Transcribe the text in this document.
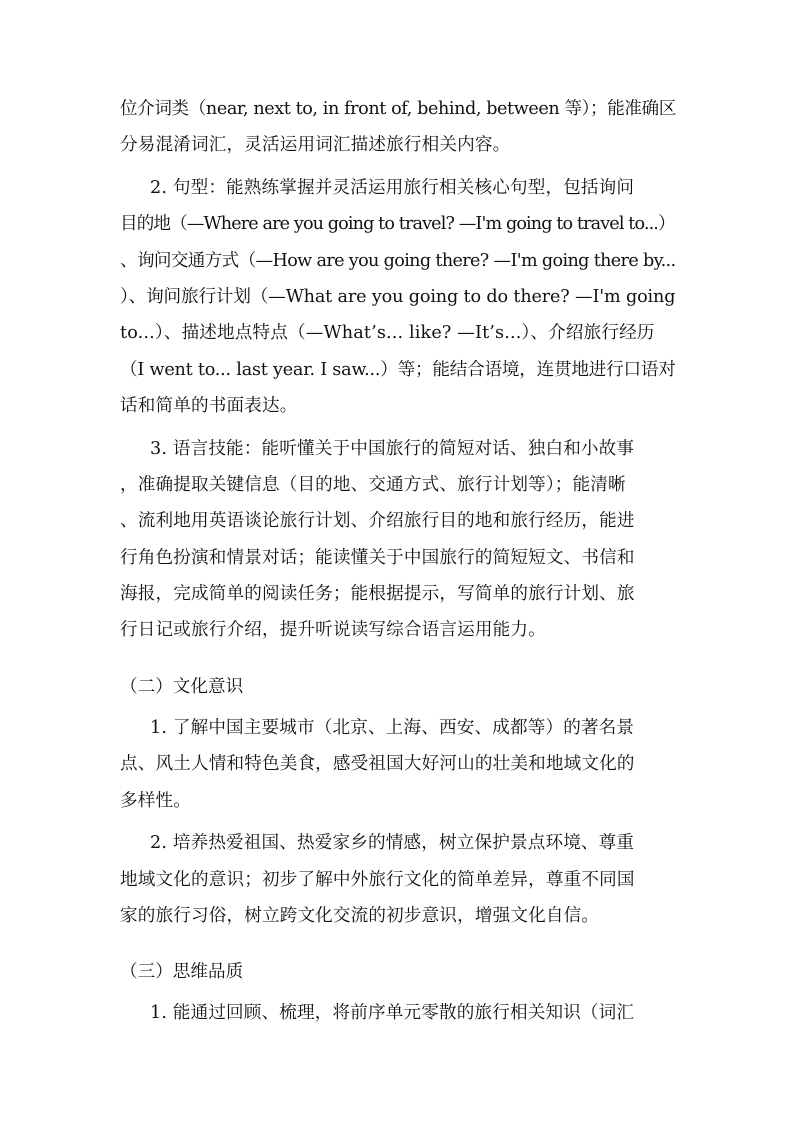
位介词类（near, next to, in front of, behind, between 等）；能准确区
分易混淆词汇，灵活运用词汇描述旅行相关内容。
2. 句型：能熟练掌握并灵活运用旅行相关核心句型，包括询问
目的地（—Where are you going to travel? —I'm going to travel to...）
、询问交通方式（—How are you going there? —I'm going there by...
）、询问旅行计划（—What are you going to do there? —I'm going
to...）、描述地点特点（—What’s... like? —It’s...）、介绍旅行经历
（I went to... last year. I saw...）等；能结合语境，连贯地进行口语对
话和简单的书面表达。
3. 语言技能：能听懂关于中国旅行的简短对话、独白和小故事
，准确提取关键信息（目的地、交通方式、旅行计划等）；能清晰
、流利地用英语谈论旅行计划、介绍旅行目的地和旅行经历，能进
行角色扮演和情景对话；能读懂关于中国旅行的简短短文、书信和
海报，完成简单的阅读任务；能根据提示，写简单的旅行计划、旅
行日记或旅行介绍，提升听说读写综合语言运用能力。
（二）文化意识
1. 了解中国主要城市（北京、上海、西安、成都等）的著名景
点、风土人情和特色美食，感受祖国大好河山的壮美和地域文化的
多样性。
2. 培养热爱祖国、热爱家乡的情感，树立保护景点环境、尊重
地域文化的意识；初步了解中外旅行文化的简单差异，尊重不同国
家的旅行习俗，树立跨文化交流的初步意识，增强文化自信。
（三）思维品质
1. 能通过回顾、梳理，将前序单元零散的旅行相关知识（词汇
